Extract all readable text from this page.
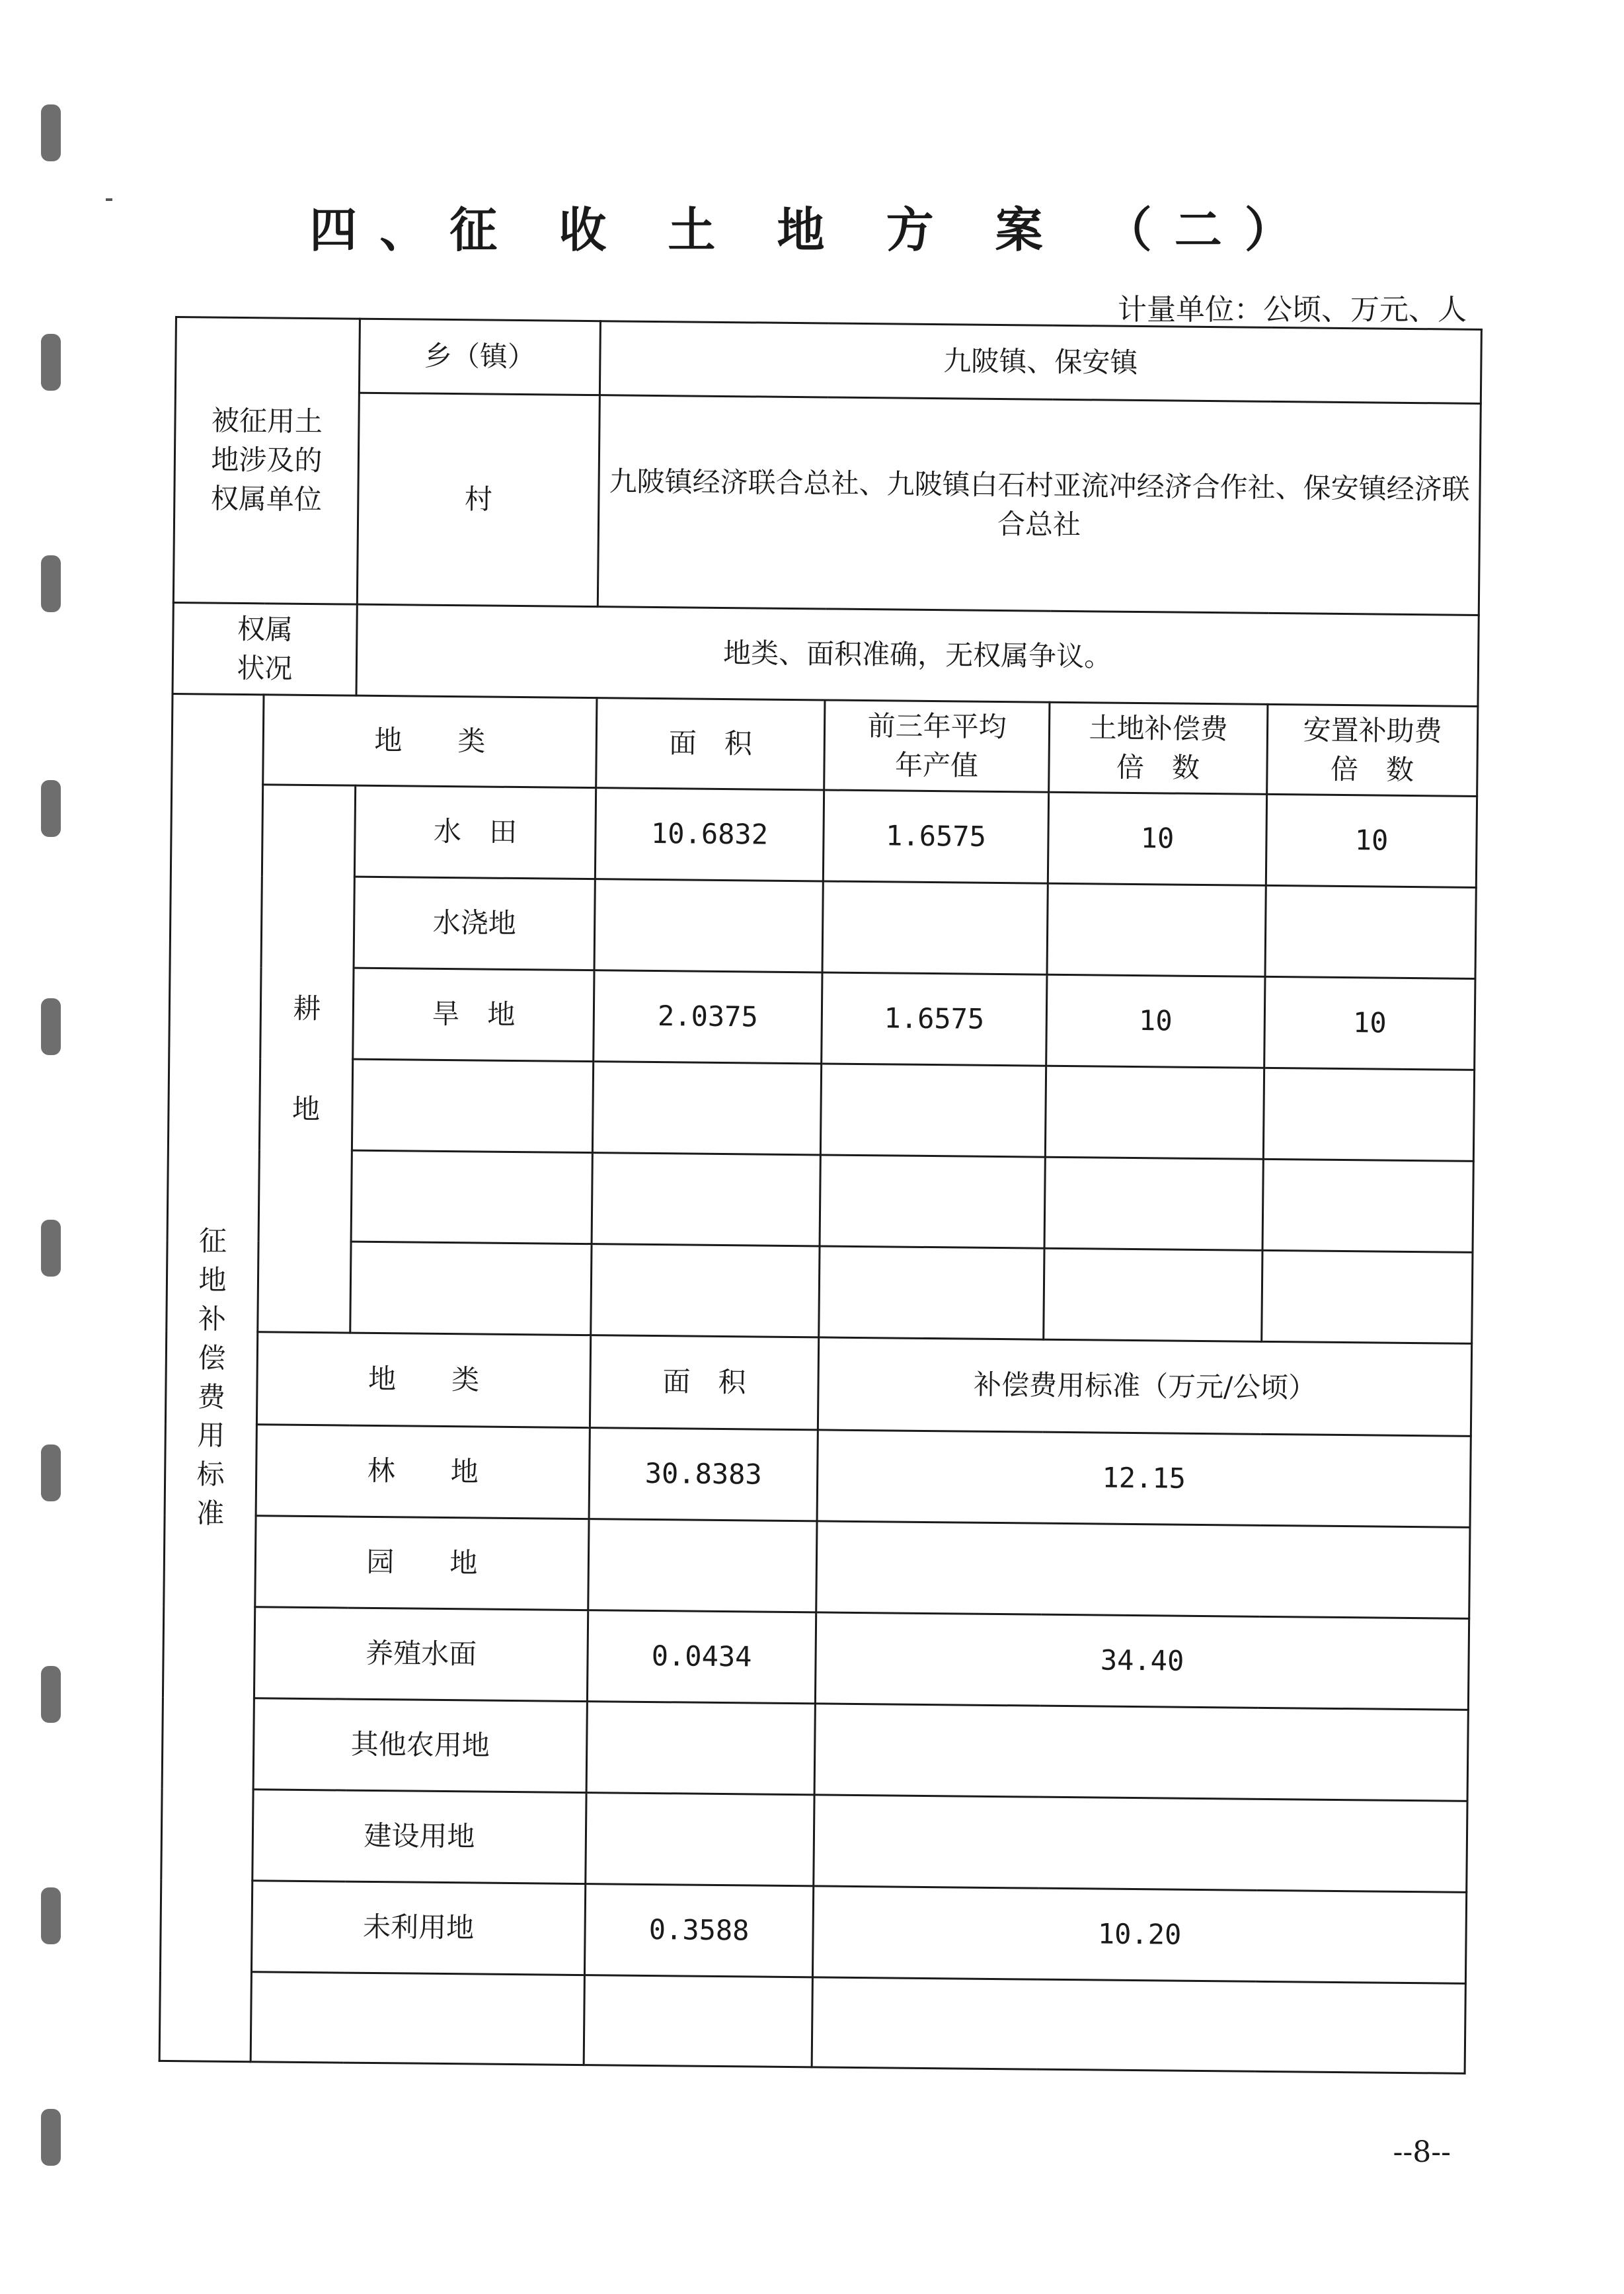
四、征 收 土 地 方 案 （二）
计量单位：公顷、万元、人
被征用土地涉及的权属单位		乡（镇）	九陂镇、保安镇			
		村	九陂镇经济联合总社、九陂镇白石村亚流冲经济合作社、保安镇经济联合总社			
权属状况		地类、面积准确，无权属争议。				
征地补偿费用标准	地　　类		面　积	前三年平均年产值	土地补偿费倍　数	安置补助费倍　数
	耕地	水　田	10.6832	1.6575	10	10
		水浇地				
		旱　地	2.0375	1.6575	10	10

	地　　类		面　积	补偿费用标准（万元/公顷）		
	林　　地		30.8383	12.15		
	园　　地					
	养殖水面		0.0434	34.40		
	其他农用地					
	建设用地					
	未利用地		0.3588	10.20		

--8--
